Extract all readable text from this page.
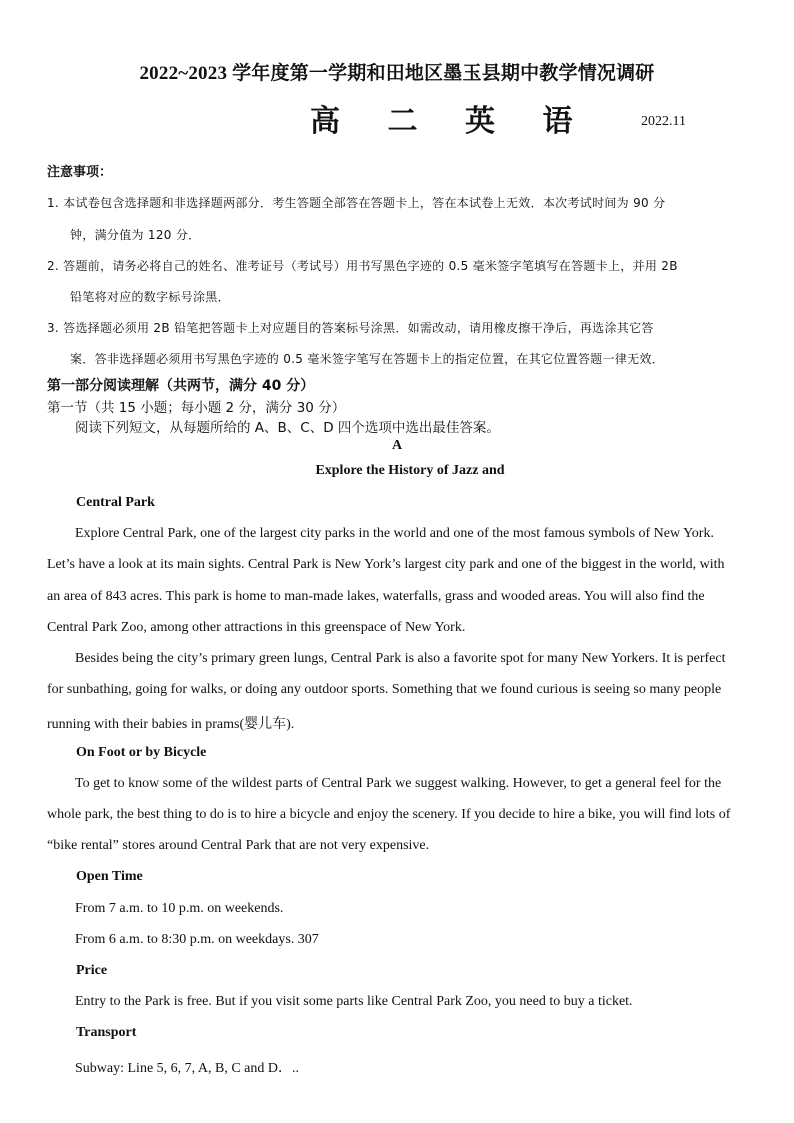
2022~2023 学年度第一学期和田地区墨玉县期中教学情况调研
高 二 英 语	2022.11
注意事项：
1. 本试卷包含选择题和非选择题两部分．考生答题全部答在答题卡上，答在本试卷上无效．本次考试时间为 90 分
钟，满分值为 120 分．
2. 答题前，请务必将自己的姓名、准考证号（考试号）用书写黑色字迹的 0.5 毫米签字笔填写在答题卡上，并用 2B
铅笔将对应的数字标号涂黑．
3. 答选择题必须用 2B 铅笔把答题卡上对应题目的答案标号涂黑．如需改动，请用橡皮擦干净后，再选涂其它答
案．答非选择题必须用书写黑色字迹的 0.5 毫米签字笔写在答题卡上的指定位置，在其它位置答题一律无效．
第一部分阅读理解（共两节，满分 40 分）
第一节（共 15 小题；每小题 2 分，满分 30 分）
阅读下列短文，从每题所给的 A、B、C、D 四个选项中选出最佳答案。
A
Explore the History of Jazz and
Central Park
Explore Central Park, one of the largest city parks in the world and one of the most famous symbols of New York.
Let’s have a look at its main sights. Central Park is New York’s largest city park and one of the biggest in the world, with
an area of 843 acres. This park is home to man-made lakes, waterfalls, grass and wooded areas. You will also find the
Central Park Zoo, among other attractions in this greenspace of New York.
Besides being the city’s primary green lungs, Central Park is also a favorite spot for many New Yorkers. It is perfect
for sunbathing, going for walks, or doing any outdoor sports. Something that we found curious is seeing so many people
running with their babies in prams(婴儿车).
On Foot or by Bicycle
To get to know some of the wildest parts of Central Park we suggest walking. However, to get a general feel for the
whole park, the best thing to do is to hire a bicycle and enjoy the scenery. If you decide to hire a bike, you will find lots of
“bike rental” stores around Central Park that are not very expensive.
Open Time
From 7 a.m. to 10 p.m. on weekends.
From 6 a.m. to 8:30 p.m. on weekdays. 307
Price
Entry to the Park is free. But if you visit some parts like Central Park Zoo, you need to buy a ticket.
Transport
Subway: Line 5, 6, 7, A, B, C and D．..
